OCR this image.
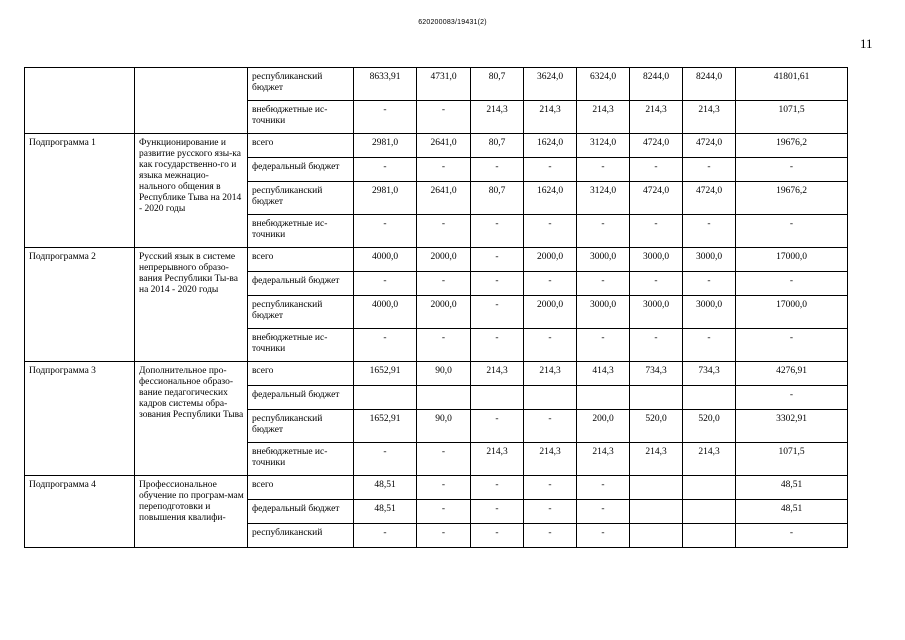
620200083/19431(2)
11
		республиканский бюджет	8633,91	4731,0	80,7	3624,0	6324,0	8244,0	8244,0	41801,61
		внебюджетные ис-точники	-	-	214,3	214,3	214,3	214,3	214,3	1071,5
Подпрограмма 1	Функционирование и развитие русского язы-ка как государственно-го и языка межнацио-нального общения в Республике Тыва на 2014 - 2020 годы	всего	2981,0	2641,0	80,7	1624,0	3124,0	4724,0	4724,0	19676,2
		федеральный бюджет	-	-	-	-	-	-	-	-
		республиканский бюджет	2981,0	2641,0	80,7	1624,0	3124,0	4724,0	4724,0	19676,2
		внебюджетные ис-точники	-	-	-	-	-	-	-	-
Подпрограмма 2	Русский язык в системе непрерывного образо-вания Республики Ты-ва на 2014 - 2020 годы	всего	4000,0	2000,0	-	2000,0	3000,0	3000,0	3000,0	17000,0
		федеральный бюджет	-	-	-	-	-	-	-	-
		республиканский бюджет	4000,0	2000,0	-	2000,0	3000,0	3000,0	3000,0	17000,0
		внебюджетные ис-точники	-	-	-	-	-	-	-	-
Подпрограмма 3	Дополнительное про-фессиональное образо-вание педагогических кадров системы обра-зования Республики Тыва	всего	1652,91	90,0	214,3	214,3	414,3	734,3	734,3	4276,91
		федеральный бюджет								-
		республиканский бюджет	1652,91	90,0	-	-	200,0	520,0	520,0	3302,91
		внебюджетные ис-точники	-	-	214,3	214,3	214,3	214,3	214,3	1071,5
Подпрограмма 4	Профессиональное обучение по програм-мам переподготовки и повышения квалифи-	всего	48,51	-	-	-	-			48,51
		федеральный бюджет	48,51	-	-	-	-			48,51
		республиканский	-	-	-	-	-			-
